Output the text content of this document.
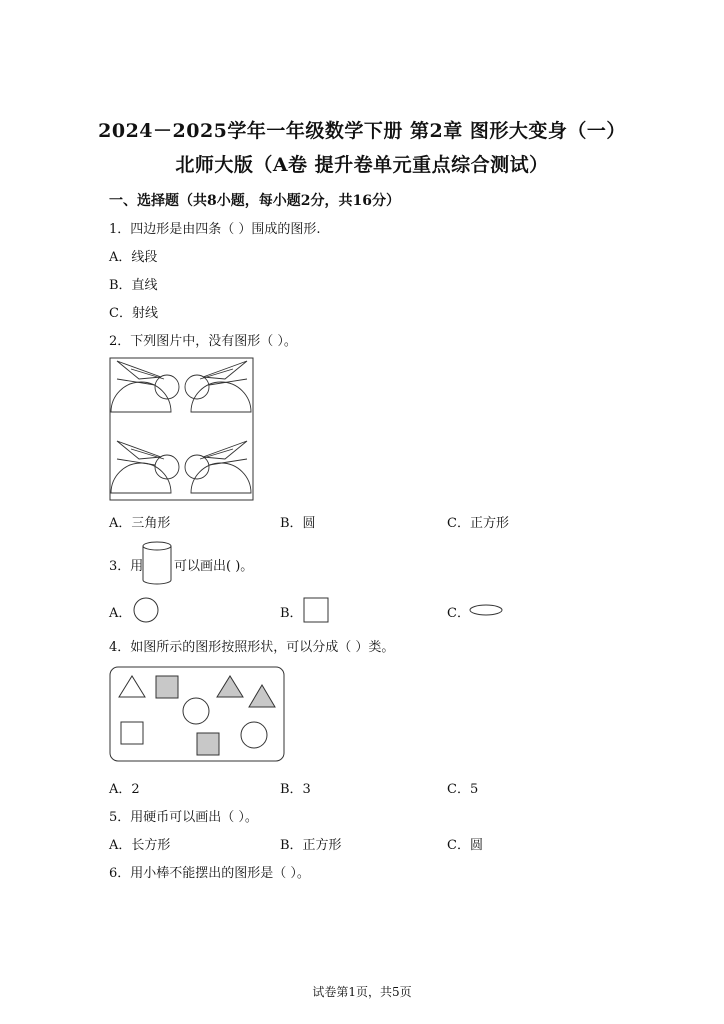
2024－2025学年一年级数学下册 第2章 图形大变身（一）
北师大版（A卷 提升卷单元重点综合测试）
一、选择题（共8小题，每小题2分，共16分）
1．四边形是由四条（ ）围成的图形.
A．线段
B．直线
C．射线
2．下列图片中，没有图形（ ）。
A．三角形	B．圆	C．正方形
3．用 可以画出( )。
A．	B．	C．
4．如图所示的图形按照形状，可以分成（ ）类。
A．2	B．3	C．5
5．用硬币可以画出（ ）。
A．长方形	B．正方形	C．圆
6．用小棒不能摆出的图形是（ ）。
试卷第1页，共5页
